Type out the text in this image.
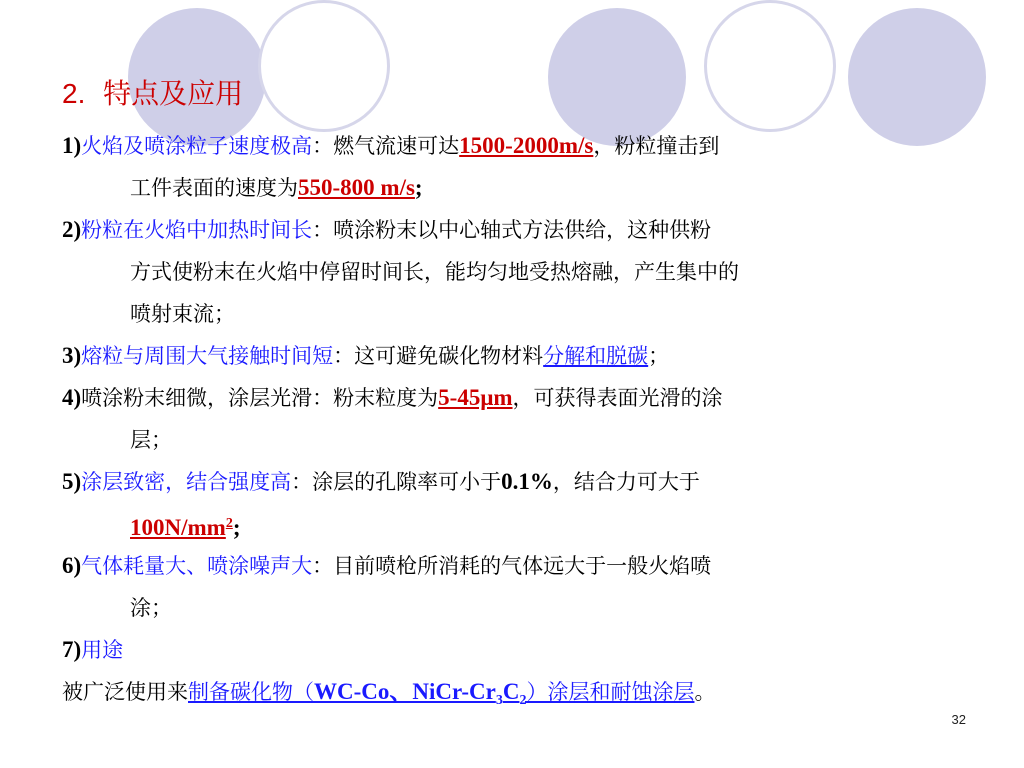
2. 特点及应用
1)火焰及喷涂粒子速度极高：燃气流速可达1500-2000m/s，粉粒撞击到
工件表面的速度为550-800 m/s;
2)粉粒在火焰中加热时间长：喷涂粉末以中心轴式方法供给，这种供粉
方式使粉末在火焰中停留时间长，能均匀地受热熔融，产生集中的
喷射束流；
3)熔粒与周围大气接触时间短：这可避免碳化物材料分解和脱碳；
4)喷涂粉末细微，涂层光滑：粉末粒度为5-45μm，可获得表面光滑的涂
层；
5)涂层致密，结合强度高：涂层的孔隙率可小于0.1%，结合力可大于
$100N/mm^2$;
6)气体耗量大、喷涂噪声大：目前喷枪所消耗的气体远大于一般火焰喷
涂；
7)用途
被广泛使用来制备碳化物（WC-Co、NiCr-$Cr_3C_2$）涂层和耐蚀涂层。
32
